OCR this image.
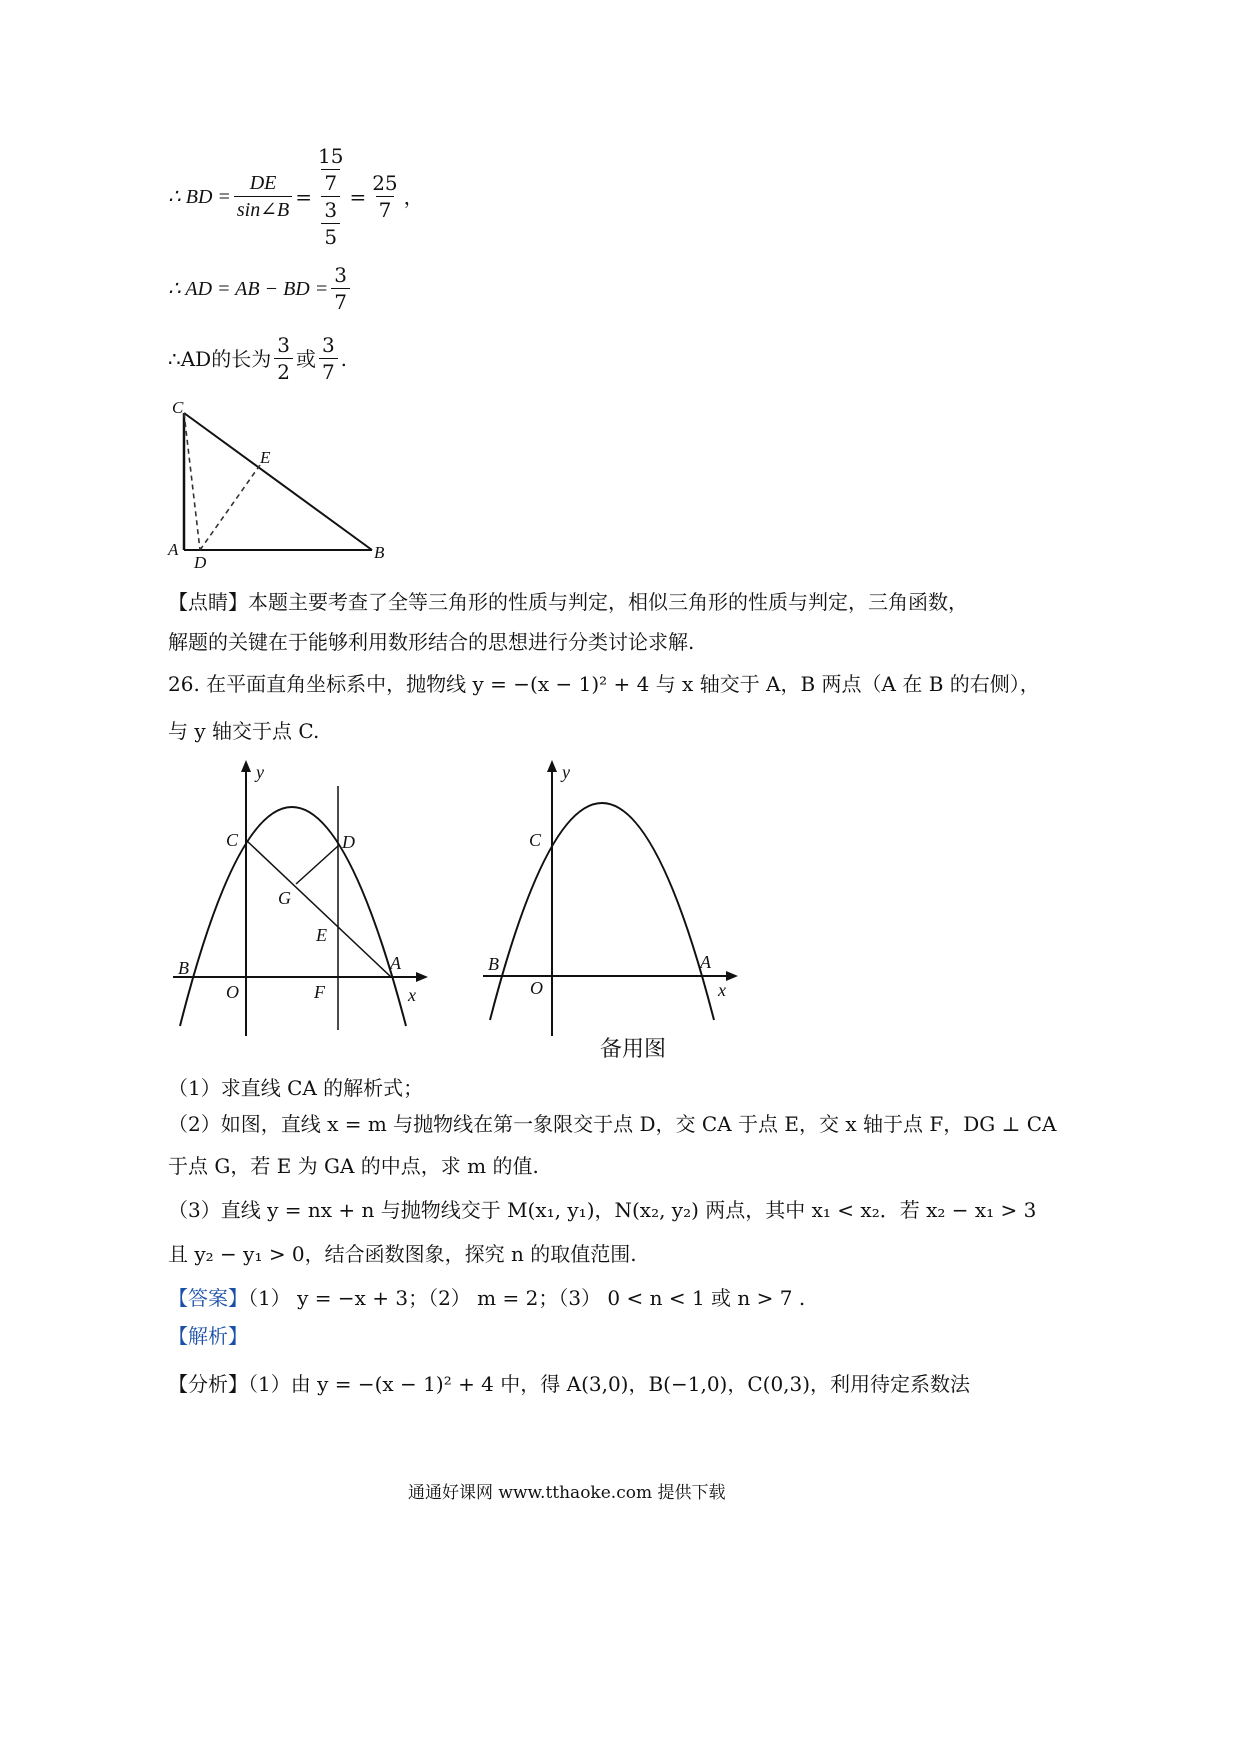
∴ BD = $\frac{DE}{\sin\angle B} = \frac{\frac{15}{7}}{\frac{3}{5}} = \frac{25}{7}$ ，
∴ AD = AB − BD = $\frac{3}{7}$
∴AD的长为 $\frac{3}{2}$ 或 $\frac{3}{7}$ .
C
E
A
D
B
【点睛】本题主要考查了全等三角形的性质与判定，相似三角形的性质与判定，三角函数，
解题的关键在于能够利用数形结合的思想进行分类讨论求解.
26. 在平面直角坐标系中，抛物线 y = −(x − 1)² + 4 与 x 轴交于 A，B 两点（A 在 B 的右侧），
与 y 轴交于点 C.
y
C	D
G
E
B	A
O	F	x
y
C
B	A
O	x
备用图
（1）求直线 CA 的解析式；
（2）如图，直线 x = m 与抛物线在第一象限交于点 D，交 CA 于点 E，交 x 轴于点 F，DG ⊥ CA
于点 G，若 E 为 GA 的中点，求 m 的值.
（3）直线 y = nx + n 与抛物线交于 M(x₁, y₁)，N(x₂, y₂) 两点，其中 x₁ < x₂．若 x₂ − x₁ > 3
且 y₂ − y₁ > 0，结合函数图象，探究 n 的取值范围.
【答案】（1） y = −x + 3；（2） m = 2；（3） 0 < n < 1 或 n > 7 .
【解析】
【分析】（1）由 y = −(x − 1)² + 4 中，得 A(3,0)，B(−1,0)，C(0,3)，利用待定系数法
通通好课网 www.tthaoke.com 提供下载
